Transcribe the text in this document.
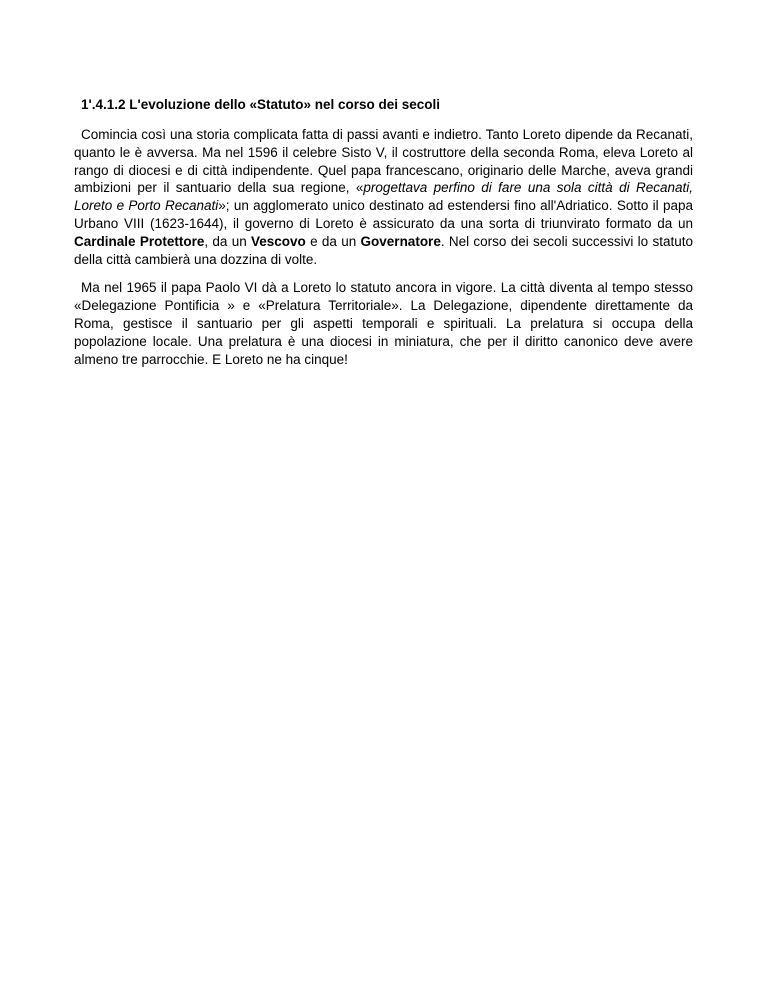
1'.4.1.2 L'evoluzione dello «Statuto» nel corso dei secoli

Comincia così una storia complicata fatta di passi avanti e indietro. Tanto Loreto dipende da Recanati, quanto le è avversa. Ma nel 1596 il celebre Sisto V, il costruttore della seconda Roma, eleva Loreto al rango di diocesi e di città indipendente. Quel papa francescano, originario delle Marche, aveva grandi ambizioni per il santuario della sua regione, «progettava perfino di fare una sola città di Recanati, Loreto e Porto Recanati»; un agglomerato unico destinato ad estendersi fino all'Adriatico. Sotto il papa Urbano VIII (1623-1644), il governo di Loreto è assicurato da una sorta di triunvirato formato da un Cardinale Protettore, da un Vescovo e da un Governatore. Nel corso dei secoli successivi lo statuto della città cambierà una dozzina di volte.

Ma nel 1965 il papa Paolo VI dà a Loreto lo statuto ancora in vigore. La città diventa al tempo stesso «Delegazione Pontificia » e «Prelatura Territoriale». La Delegazione, dipendente direttamente da Roma, gestisce il santuario per gli aspetti temporali e spirituali. La prelatura si occupa della popolazione locale. Una prelatura è una diocesi in miniatura, che per il diritto canonico deve avere almeno tre parrocchie. E Loreto ne ha cinque!
